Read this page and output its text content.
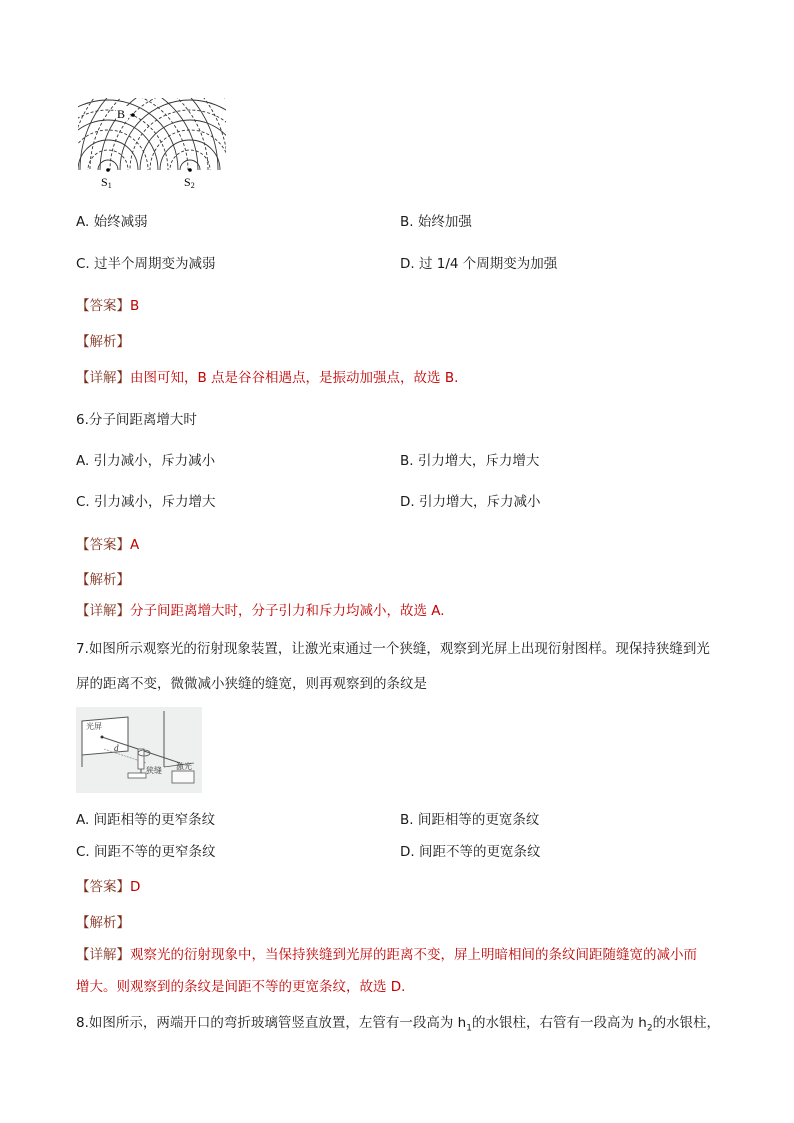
B
S1	S2
A. 始终减弱	B. 始终加强
C. 过半个周期变为减弱	D. 过 1/4 个周期变为加强
【答案】B
【解析】
【详解】由图可知，B 点是谷谷相遇点，是振动加强点，故选 B.
6.分子间距离增大时
A. 引力减小，斥力减小	B. 引力增大，斥力增大
C. 引力减小，斥力增大	D. 引力增大，斥力减小
【答案】A
【解析】
【详解】分子间距离增大时，分子引力和斥力均减小，故选 A.
7.如图所示观察光的衍射现象装置，让激光束通过一个狭缝，观察到光屏上出现衍射图样。现保持狭缝到光
屏的距离不变，微微减小狭缝的缝宽，则再观察到的条纹是
光屏
d
狭缝 激光
A. 间距相等的更窄条纹	B. 间距相等的更宽条纹
C. 间距不等的更窄条纹	D. 间距不等的更宽条纹
【答案】D
【解析】
【详解】观察光的衍射现象中，当保持狭缝到光屏的距离不变，屏上明暗相间的条纹间距随缝宽的减小而
增大。则观察到的条纹是间距不等的更宽条纹，故选 D.
8.如图所示，两端开口的弯折玻璃管竖直放置，左管有一段高为 $h_1$的水银柱，右管有一段高为 $h_2$的水银柱，
